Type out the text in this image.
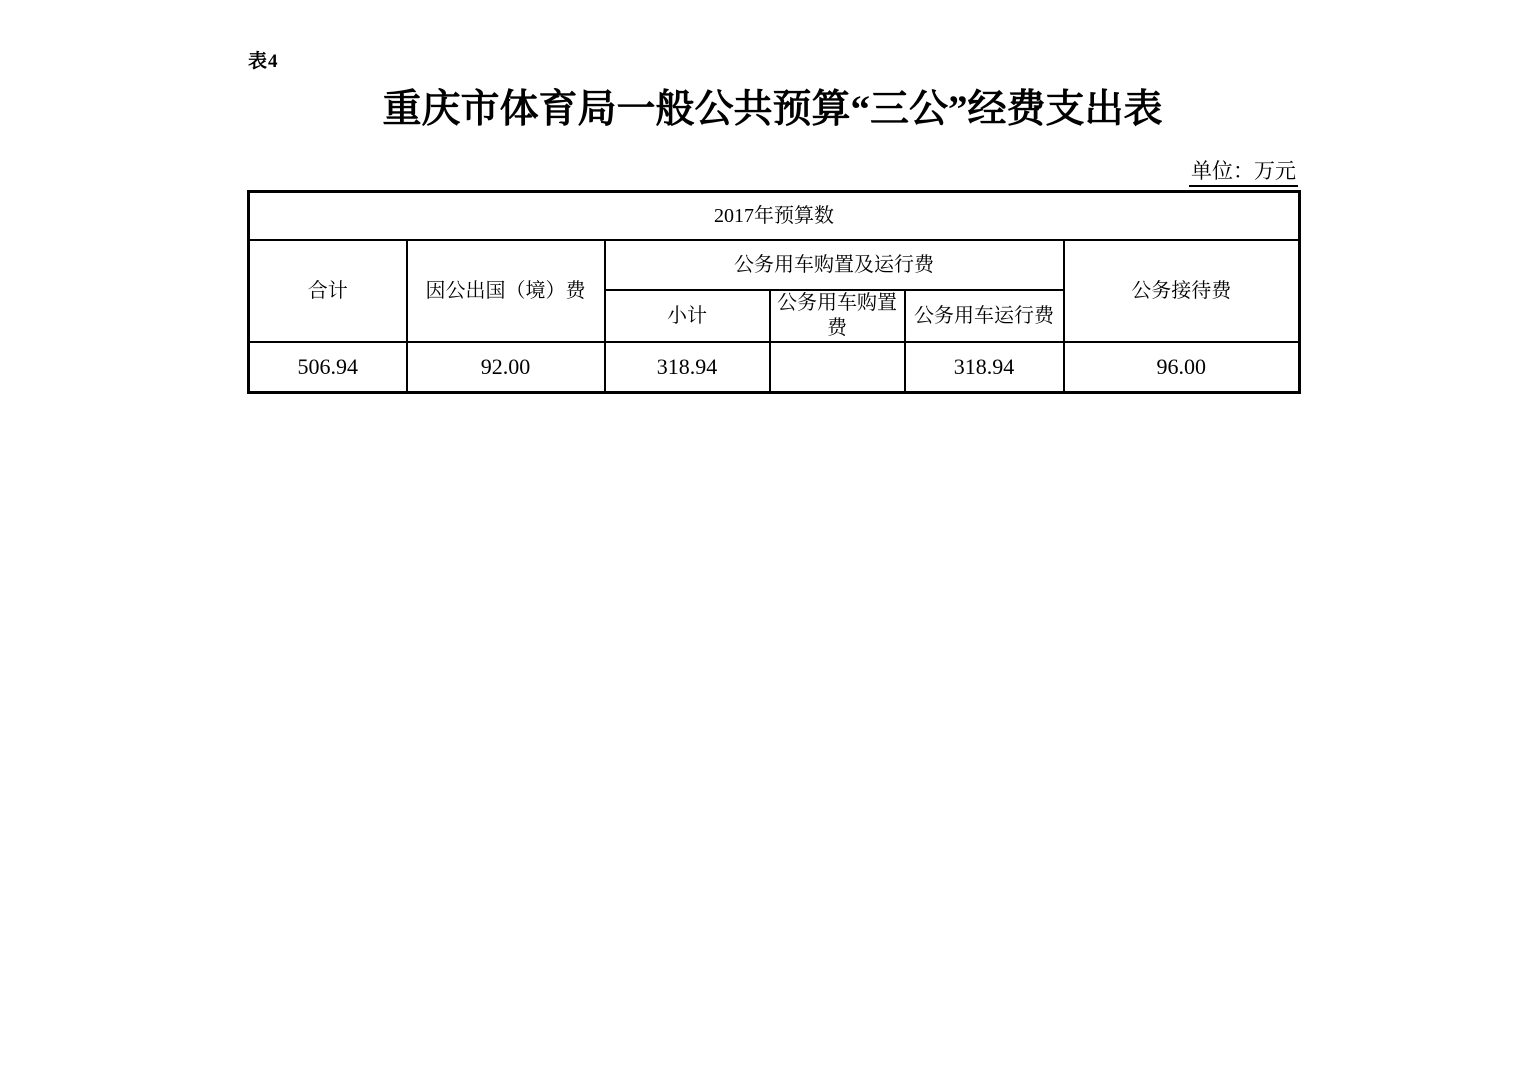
表4
重庆市体育局一般公共预算“三公”经费支出表
单位：万元
2017年预算数					
合计	因公出国（境）费	公务用车购置及运行费			公务接待费
		小计	公务用车购置费	公务用车运行费	
506.94	92.00	318.94		318.94	96.00
